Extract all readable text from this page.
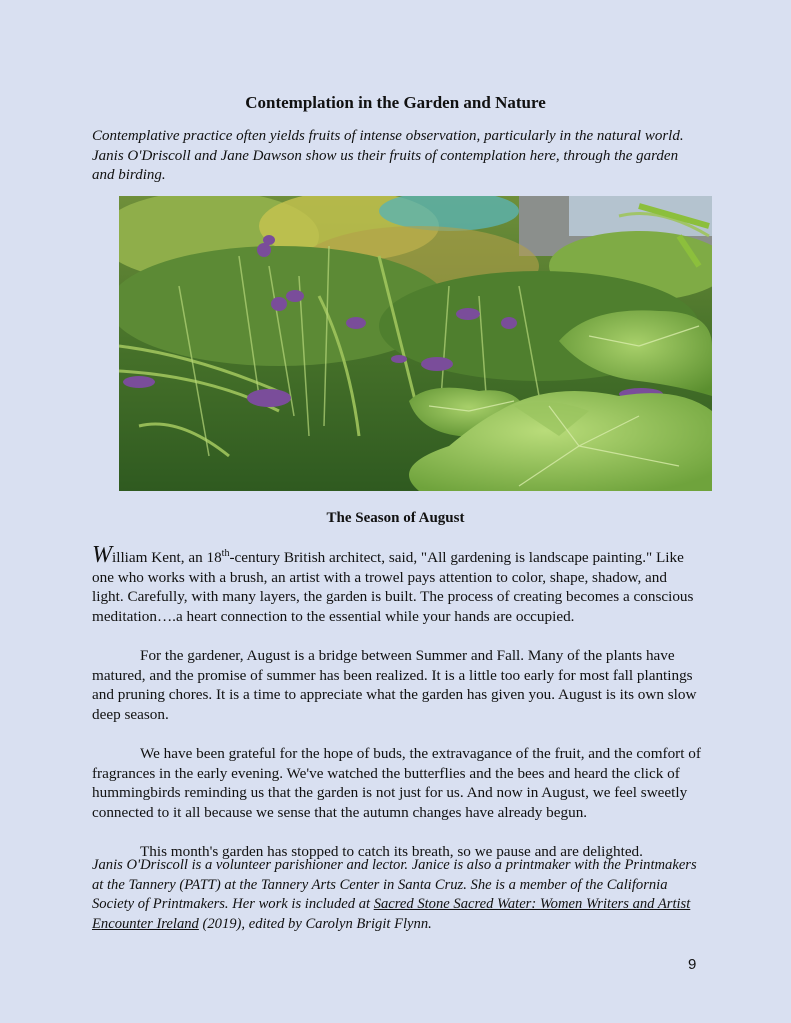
Contemplation in the Garden and Nature
Contemplative practice often yields fruits of intense observation, particularly in the natural world. Janis O'Driscoll and Jane Dawson show us their fruits of contemplation here, through the garden and birding.
The Season of August

William Kent, an 18th-century British architect, said, "All gardening is landscape painting." Like one who works with a brush, an artist with a trowel pays attention to color, shape, shadow, and light. Carefully, with many layers, the garden is built. The process of creating becomes a conscious meditation….a heart connection to the essential while your hands are occupied.

For the gardener, August is a bridge between Summer and Fall. Many of the plants have matured, and the promise of summer has been realized. It is a little too early for most fall plantings and pruning chores. It is a time to appreciate what the garden has given you. August is its own slow deep season.

We have been grateful for the hope of buds, the extravagance of the fruit, and the comfort of fragrances in the early evening. We've watched the butterflies and the bees and heard the click of hummingbirds reminding us that the garden is not just for us. And now in August, we feel sweetly connected to it all because we sense that the autumn changes have already begun.

This month's garden has stopped to catch its breath, so we pause and are delighted.

Janis O'Driscoll is a volunteer parishioner and lector. Janice is also a printmaker with the Printmakers at the Tannery (PATT) at the Tannery Arts Center in Santa Cruz. She is a member of the California Society of Printmakers. Her work is included at Sacred Stone Sacred Water: Women Writers and Artist Encounter Ireland (2019), edited by Carolyn Brigit Flynn.
9
